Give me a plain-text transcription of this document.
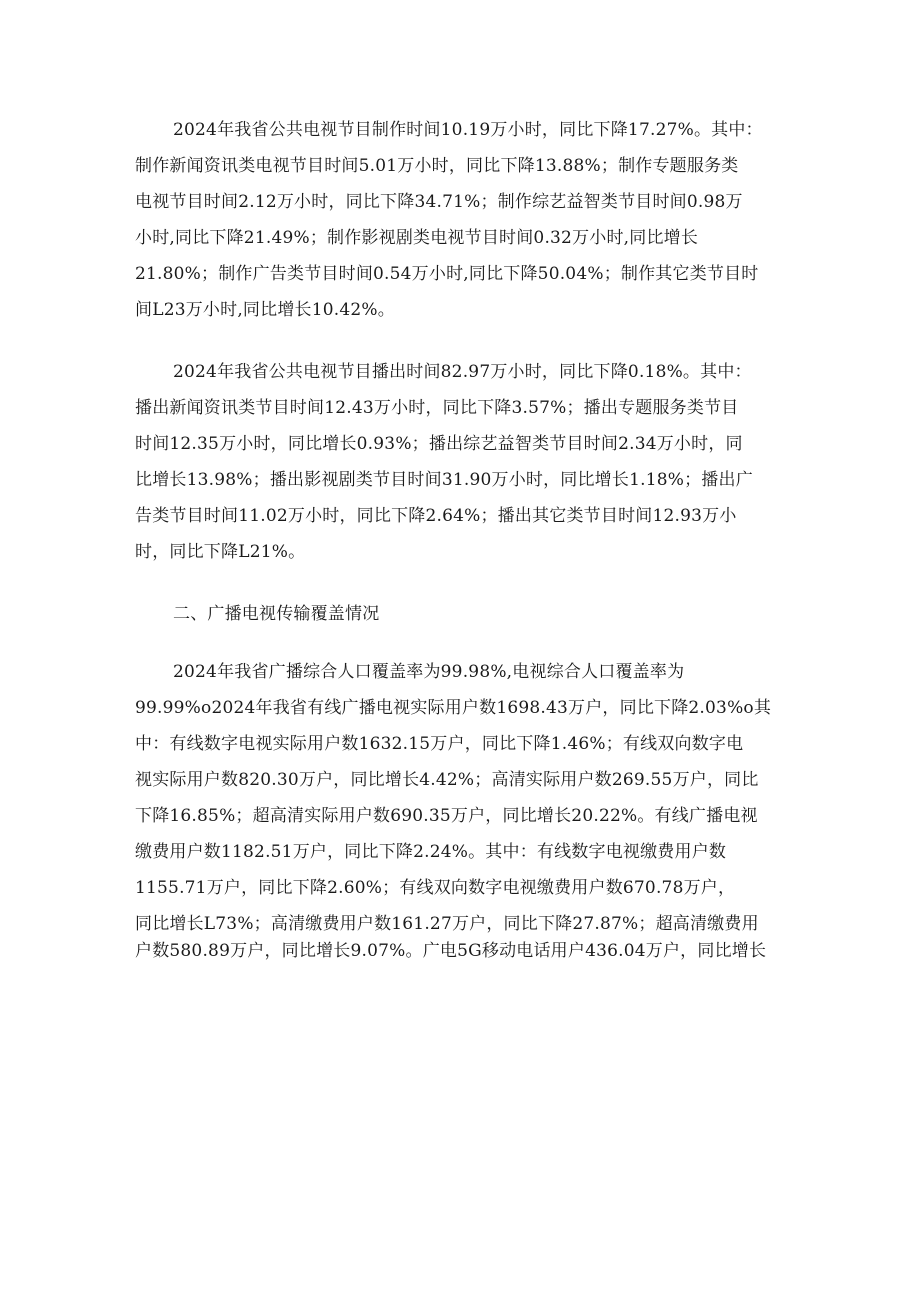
2024年我省公共电视节目制作时间10.19万小时，同比下降17.27%。其中：
制作新闻资讯类电视节目时间5.01万小时，同比下降13.88%；制作专题服务类
电视节目时间2.12万小时，同比下降34.71%；制作综艺益智类节目时间0.98万
小时,同比下降21.49%；制作影视剧类电视节目时间0.32万小时,同比增长
21.80%；制作广告类节目时间0.54万小时,同比下降50.04%；制作其它类节目时
间L23万小时,同比增长10.42%。
2024年我省公共电视节目播出时间82.97万小时，同比下降0.18%。其中：
播出新闻资讯类节目时间12.43万小时，同比下降3.57%；播出专题服务类节目
时间12.35万小时，同比增长0.93%；播出综艺益智类节目时间2.34万小时，同
比增长13.98%；播出影视剧类节目时间31.90万小时，同比增长1.18%；播出广
告类节目时间11.02万小时，同比下降2.64%；播出其它类节目时间12.93万小
时，同比下降L21%。
二、广播电视传输覆盖情况
2024年我省广播综合人口覆盖率为99.98%,电视综合人口覆盖率为
99.99%o2024年我省有线广播电视实际用户数1698.43万户，同比下降2.03%o其
中：有线数字电视实际用户数1632.15万户，同比下降1.46%；有线双向数字电
视实际用户数820.30万户，同比增长4.42%；高清实际用户数269.55万户，同比
下降16.85%；超高清实际用户数690.35万户，同比增长20.22%。有线广播电视
缴费用户数1182.51万户，同比下降2.24%。其中：有线数字电视缴费用户数
1155.71万户，同比下降2.60%；有线双向数字电视缴费用户数670.78万户，
同比增长L73%；高清缴费用户数161.27万户，同比下降27.87%；超高清缴费用
户数580.89万户，同比增长9.07%。广电5G移动电话用户436.04万户，同比增长
